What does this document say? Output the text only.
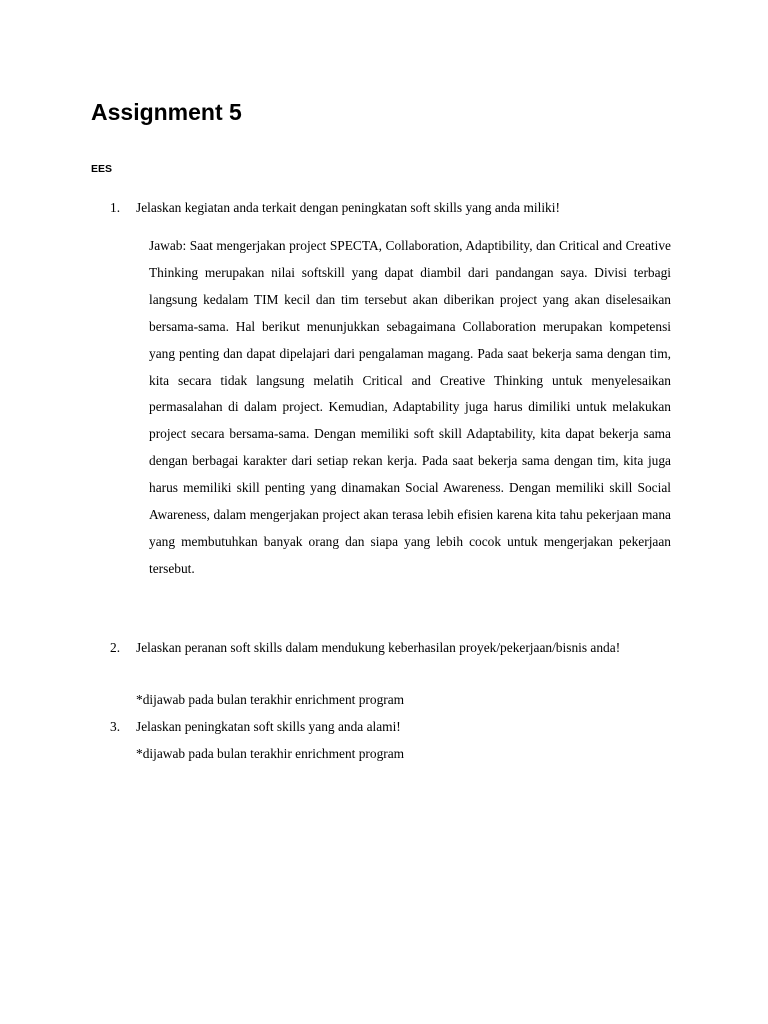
Assignment 5
EES
1.	Jelaskan kegiatan anda terkait dengan peningkatan soft skills yang anda miliki!

Jawab: Saat mengerjakan project SPECTA, Collaboration, Adaptibility, dan Critical and Creative Thinking merupakan nilai softskill yang dapat diambil dari pandangan saya. Divisi terbagi langsung kedalam TIM kecil dan tim tersebut akan diberikan project yang akan diselesaikan bersama-sama. Hal berikut menunjukkan sebagaimana Collaboration merupakan kompetensi yang penting dan dapat dipelajari dari pengalaman magang. Pada saat bekerja sama dengan tim, kita secara tidak langsung melatih Critical and Creative Thinking untuk menyelesaikan permasalahan di dalam project. Kemudian, Adaptability juga harus dimiliki untuk melakukan project secara bersama-sama. Dengan memiliki soft skill Adaptability, kita dapat bekerja sama dengan berbagai karakter dari setiap rekan kerja. Pada saat bekerja sama dengan tim, kita juga harus memiliki skill penting yang dinamakan Social Awareness. Dengan memiliki skill Social Awareness, dalam mengerjakan project akan terasa lebih efisien karena kita tahu pekerjaan mana yang membutuhkan banyak orang dan siapa yang lebih cocok untuk mengerjakan pekerjaan tersebut.

2.	Jelaskan peranan soft skills dalam mendukung keberhasilan proyek/pekerjaan/bisnis anda!

*dijawab pada bulan terakhir enrichment program

3.	Jelaskan peningkatan soft skills yang anda alami!

*dijawab pada bulan terakhir enrichment program
